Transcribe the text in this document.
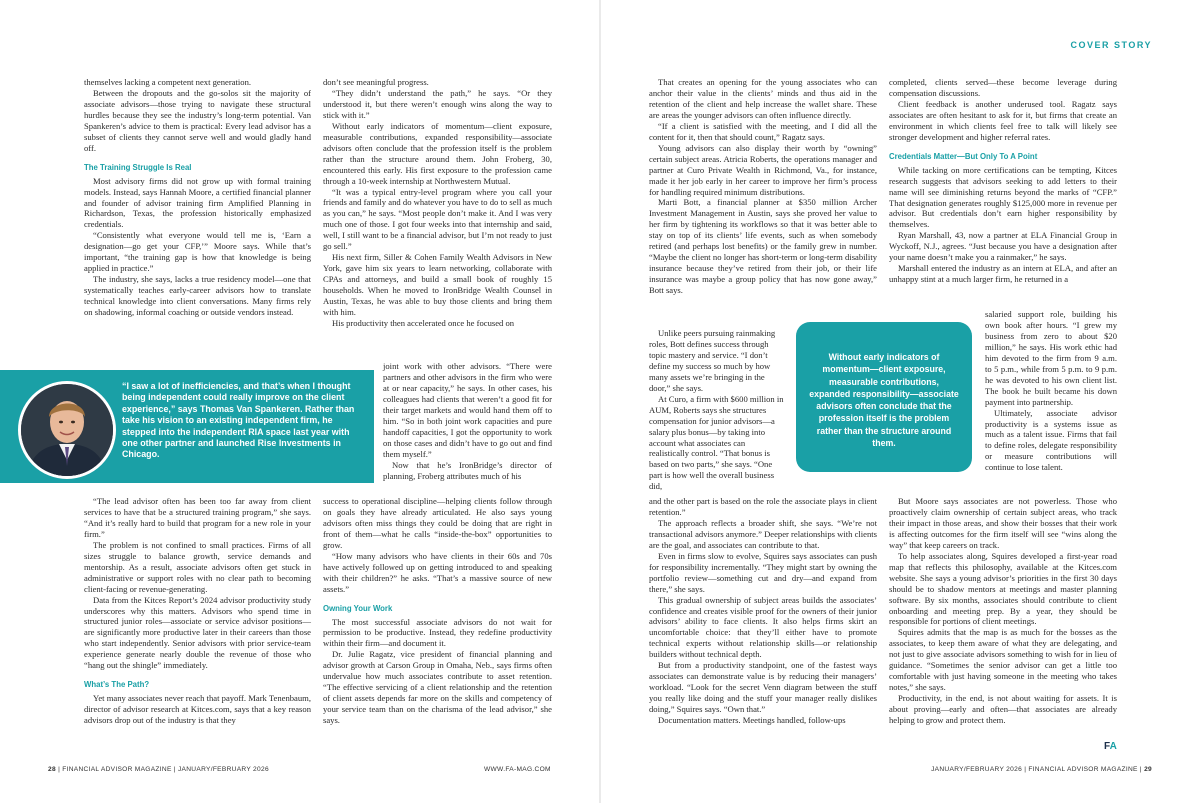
COVER STORY

themselves lacking a competent next generation.

Between the dropouts and the go-solos sit the majority of associate advisors—those trying to navigate these structural hurdles because they see the industry’s long-term potential. Van Spankeren’s advice to them is practical: Every lead advisor has a subset of clients they cannot serve well and would gladly hand off.

The Training Struggle Is Real

Most advisory firms did not grow up with formal training models. Instead, says Hannah Moore, a certified financial planner and founder of advisor training firm Amplified Planning in Richardson, Texas, the profession historically emphasized credentials.

“Consistently what everyone would tell me is, ‘Earn a designation—go get your CFP,’” Moore says. While that’s important, “the training gap is how that knowledge is being applied in practice.”

The industry, she says, lacks a true residency model—one that systematically teaches early-career advisors how to translate technical knowledge into client conversations. Many firms rely on shadowing, informal coaching or outside vendors instead.

“The lead advisor often has been too far away from client services to have that be a structured training program,” she says. “And it’s really hard to build that program for a new role in your firm.”

The problem is not confined to small practices. Firms of all sizes struggle to balance growth, service demands and mentorship. As a result, associate advisors often get stuck in administrative or support roles with no clear path to becoming client-facing or revenue-generating.

Data from the Kitces Report’s 2024 advisor productivity study underscores why this matters. Advisors who spend time in structured junior roles—associate or service advisor positions—are significantly more productive later in their careers than those who start independently. Senior advisors with prior service-team experience generate nearly double the revenue of those who “hang out the shingle” immediately.

What’s The Path?

Yet many associates never reach that payoff. Mark Tenenbaum, director of advisor research at Kitces.com, says that a key reason advisors drop out of the industry is that they

don’t see meaningful progress.

“They didn’t understand the path,” he says. “Or they understood it, but there weren’t enough wins along the way to stick with it.”

Without early indicators of momentum—client exposure, measurable contributions, expanded responsibility—associate advisors often conclude that the profession itself is the problem rather than the structure around them. John Froberg, 30, encountered this early. His first exposure to the profession came through a 10-week internship at Northwestern Mutual.

“It was a typical entry-level program where you call your friends and family and do whatever you have to do to sell as much as you can,” he says. “Most people don’t make it. And I was very much one of those. I got four weeks into that internship and said, well, I still want to be a financial advisor, but I’m not ready to just go sell.”

His next firm, Siller & Cohen Family Wealth Advisors in New York, gave him six years to learn networking, collaborate with CPAs and attorneys, and build a small book of roughly 15 households. When he moved to IronBridge Wealth Counsel in Austin, Texas, he was able to buy those clients and bring them with him.

His productivity then accelerated once he focused on

joint work with other advisors. “There were partners and other advisors in the firm who were at or near capacity,” he says. In other cases, his colleagues had clients that weren’t a good fit for their target markets and would hand them off to him. “So in both joint work capacities and pure handoff capacities, I got the opportunity to work on those cases and didn’t have to go out and find them myself.”

Now that he’s IronBridge’s director of planning, Froberg attributes much of his

success to operational discipline—helping clients follow through on goals they have already articulated. He also says young advisors often miss things they could be doing that are right in front of them—what he calls “inside-the-box” opportunities to grow.

“How many advisors who have clients in their 60s and 70s have actively followed up on getting introduced to and speaking with their children?” he asks. “That’s a massive source of new assets.”

Owning Your Work

The most successful associate advisors do not wait for permission to be productive. Instead, they redefine productivity within their firm—and document it.

Dr. Julie Ragatz, vice president of financial planning and advisor growth at Carson Group in Omaha, Neb., says firms often undervalue how much associates contribute to asset retention. “The effective servicing of a client relationship and the retention of client assets depends far more on the skills and competency of your service team than on the charisma of the lead advisor,” she says.

“I saw a lot of inefficiencies, and that’s when I thought being independent could really improve on the client experience,” says Thomas Van Spankeren. Rather than take his vision to an existing independent firm, he stepped into the independent RIA space last year with one other partner and launched Rise Investments in Chicago.

That creates an opening for the young associates who can anchor their value in the clients’ minds and thus aid in the retention of the client and help increase the wallet share. These are areas the younger advisors can often influence directly.

“If a client is satisfied with the meeting, and I did all the content for it, then that should count,” Ragatz says.

Young advisors can also display their worth by “owning” certain subject areas. Atricia Roberts, the operations manager and partner at Curo Private Wealth in Richmond, Va., for instance, made it her job early in her career to improve her firm’s process for handling required minimum distributions.

Marti Bott, a financial planner at $350 million Archer Investment Management in Austin, says she proved her value to her firm by tightening its workflows so that it was better able to stay on top of its clients’ life events, such as when somebody retired (and perhaps lost benefits) or the family grew in number. “Maybe the client no longer has short-term or long-term disability insurance because they’ve retired from their job, or their life insurance was maybe a group policy that has now gone away,” Bott says.

Unlike peers pursuing rainmaking roles, Bott defines success through topic mastery and service. “I don’t define my success so much by how many assets we’re bringing in the door,” she says.

At Curo, a firm with $600 million in AUM, Roberts says she structures compensation for junior advisors—a salary plus bonus—by taking into account what associates can realistically control. “That bonus is based on two parts,” she says. “One part is how well the overall business did,

and the other part is based on the role the associate plays in client retention.”

The approach reflects a broader shift, she says. “We’re not transactional advisors anymore.” Deeper relationships with clients are the goal, and associates can contribute to that.

Even in firms slow to evolve, Squires says associates can push for responsibility incrementally. “They might start by owning the portfolio review—something cut and dry—and expand from there,” she says.

This gradual ownership of subject areas builds the associates’ confidence and creates visible proof for the owners of their junior advisors’ ability to face clients. It also helps firms skirt an uncomfortable choice: that they’ll either have to promote technical experts without relationship skills—or relationship builders without technical depth.

But from a productivity standpoint, one of the fastest ways associates can demonstrate value is by reducing their managers’ workload. “Look for the secret Venn diagram between the stuff you really like doing and the stuff your manager really dislikes doing,” Squires says. “Own that.”

Documentation matters. Meetings handled, follow-ups

Without early indicators of momentum—client exposure, measurable contributions, expanded responsibility—associate advisors often conclude that the profession itself is the problem rather than the structure around them.

completed, clients served—these become leverage during compensation discussions.

Client feedback is another underused tool. Ragatz says associates are often hesitant to ask for it, but firms that create an environment in which clients feel free to talk will likely see stronger development and higher referral rates.

Credentials Matter—But Only To A Point

While tacking on more certifications can be tempting, Kitces research suggests that advisors seeking to add letters to their name will see diminishing returns beyond the marks of “CFP.” That designation generates roughly $125,000 more in revenue per advisor. But credentials don’t earn higher responsibility by themselves.

Ryan Marshall, 43, now a partner at ELA Financial Group in Wyckoff, N.J., agrees. “Just because you have a designation after your name doesn’t make you a rainmaker,” he says.

Marshall entered the industry as an intern at ELA, and after an unhappy stint at a much larger firm, he returned in a

salaried support role, building his own book after hours. “I grew my business from zero to about $20 million,” he says. His work ethic had him devoted to the firm from 9 a.m. to 5 p.m., while from 5 p.m. to 9 p.m. he was devoted to his own client list. The book he built became his down payment into partnership.

Ultimately, associate advisor productivity is a systems issue as much as a talent issue. Firms that fail to define roles, delegate responsibility or measure contributions will continue to lose talent.

But Moore says associates are not powerless. Those who proactively claim ownership of certain subject areas, who track their impact in those areas, and show their bosses that their work is affecting outcomes for the firm itself will see “wins along the way” that keep careers on track.

To help associates along, Squires developed a first-year road map that reflects this philosophy, available at the Kitces.com website. She says a young advisor’s priorities in the first 30 days should be to shadow mentors at meetings and master planning software. By six months, associates should contribute to client onboarding and meeting prep. By a year, they should be responsible for portions of client meetings.

Squires admits that the map is as much for the bosses as the associates, to keep them aware of what they are delegating, and not just to give associate advisors something to wish for in lieu of guidance. “Sometimes the senior advisor can get a little too comfortable with just having someone in the meeting who takes notes,” she says.

Productivity, in the end, is not about waiting for assets. It is about proving—early and often—that associates are already helping to grow and protect them.

FA
28 | FINANCIAL ADVISOR MAGAZINE | JANUARY/FEBRUARY 2026	WWW.FA-MAG.COM	JANUARY/FEBRUARY 2026 | FINANCIAL ADVISOR MAGAZINE | 29
